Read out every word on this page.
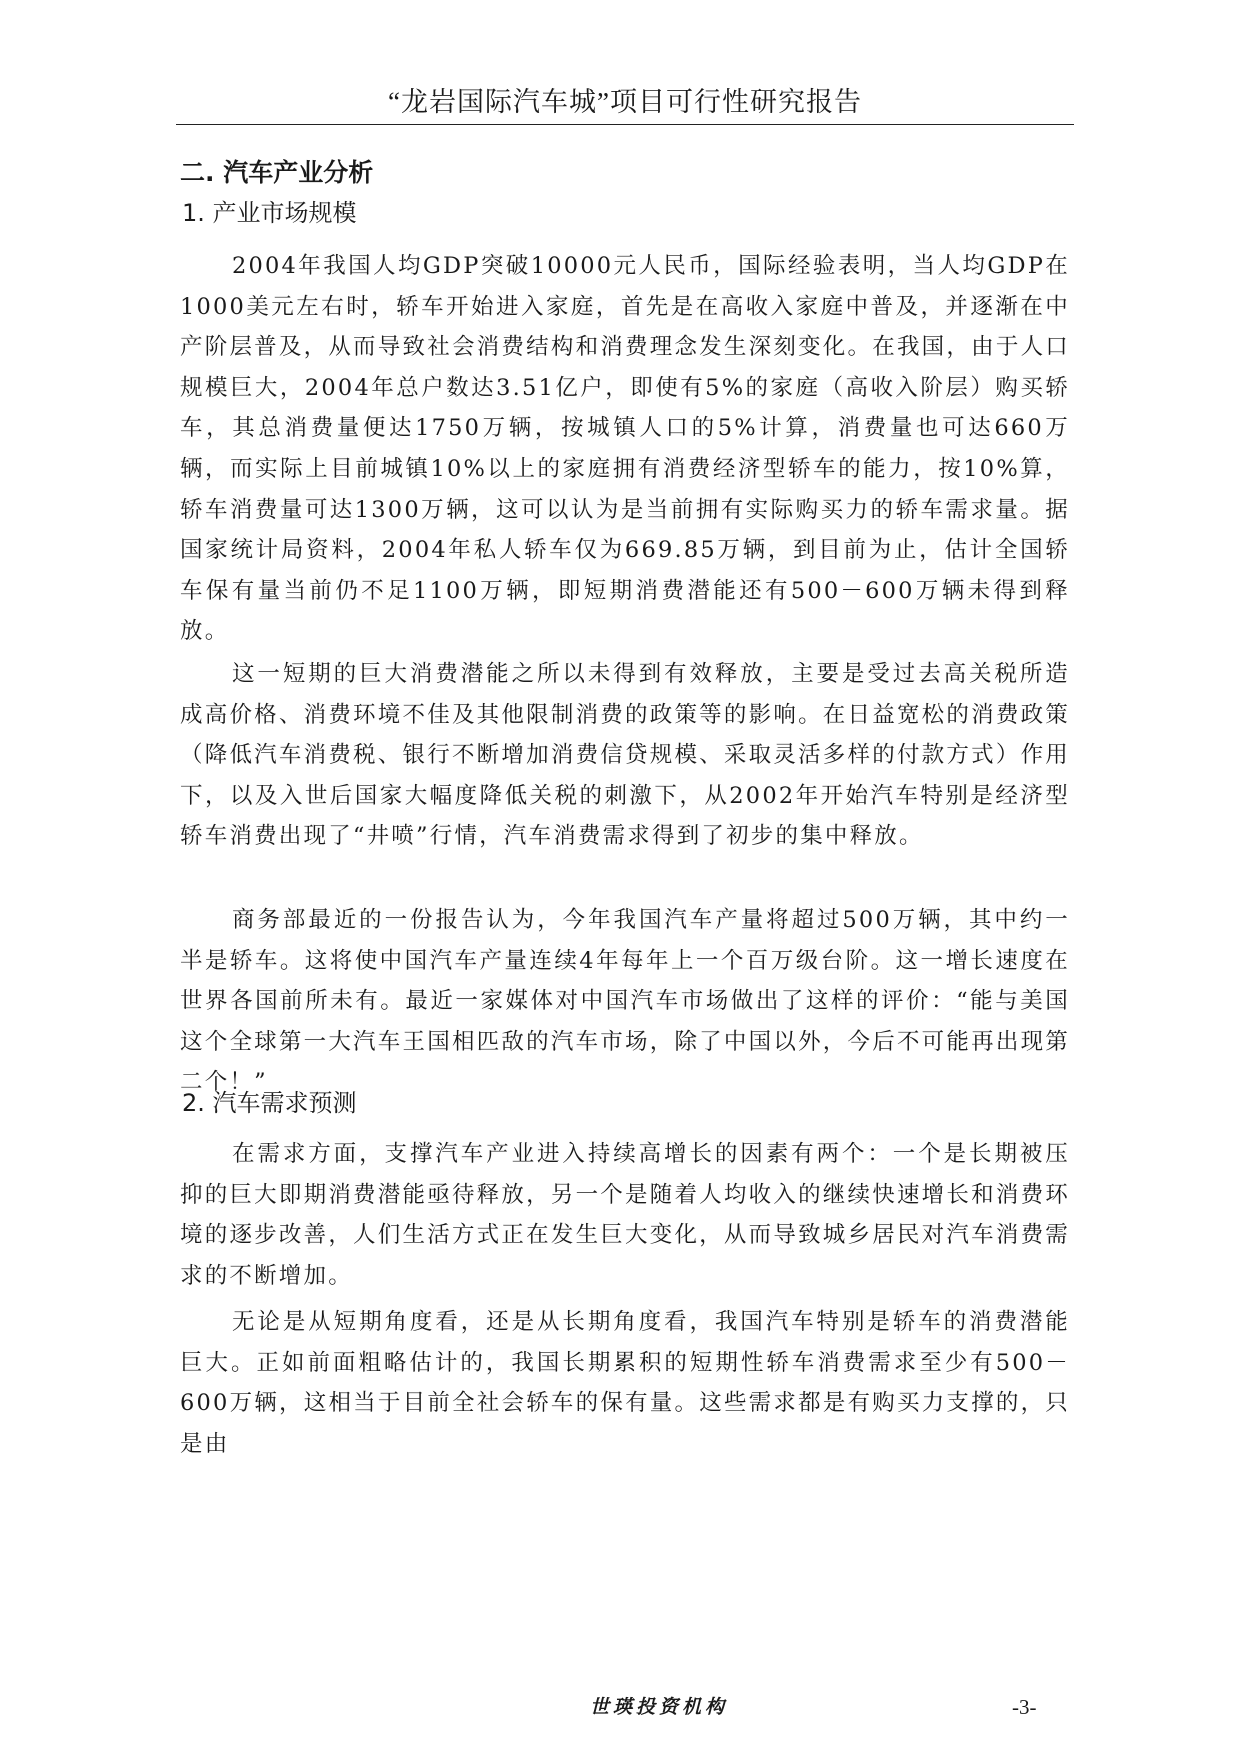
“龙岩国际汽车城”项目可行性研究报告
二. 汽车产业分析
1. 产业市场规模

2004年我国人均GDP突破10000元人民币，国际经验表明，当人均GDP在1000美元左右时，轿车开始进入家庭，首先是在高收入家庭中普及，并逐渐在中产阶层普及，从而导致社会消费结构和消费理念发生深刻变化。在我国，由于人口规模巨大，2004年总户数达3.51亿户，即使有5%的家庭（高收入阶层）购买轿车，其总消费量便达1750万辆，按城镇人口的5%计算，消费量也可达660万辆，而实际上目前城镇10%以上的家庭拥有消费经济型轿车的能力，按10%算，轿车消费量可达1300万辆，这可以认为是当前拥有实际购买力的轿车需求量。据国家统计局资料，2004年私人轿车仅为669.85万辆，到目前为止，估计全国轿车保有量当前仍不足1100万辆，即短期消费潜能还有500－600万辆未得到释放。

这一短期的巨大消费潜能之所以未得到有效释放，主要是受过去高关税所造成高价格、消费环境不佳及其他限制消费的政策等的影响。在日益宽松的消费政策（降低汽车消费税、银行不断增加消费信贷规模、采取灵活多样的付款方式）作用下，以及入世后国家大幅度降低关税的刺激下，从2002年开始汽车特别是经济型轿车消费出现了“井喷”行情，汽车消费需求得到了初步的集中释放。

商务部最近的一份报告认为，今年我国汽车产量将超过500万辆，其中约一半是轿车。这将使中国汽车产量连续4年每年上一个百万级台阶。这一增长速度在世界各国前所未有。最近一家媒体对中国汽车市场做出了这样的评价：“能与美国这个全球第一大汽车王国相匹敌的汽车市场，除了中国以外，今后不可能再出现第二个！”

2. 汽车需求预测

在需求方面，支撑汽车产业进入持续高增长的因素有两个：一个是长期被压抑的巨大即期消费潜能亟待释放，另一个是随着人均收入的继续快速增长和消费环境的逐步改善，人们生活方式正在发生巨大变化，从而导致城乡居民对汽车消费需求的不断增加。

无论是从短期角度看，还是从长期角度看，我国汽车特别是轿车的消费潜能巨大。正如前面粗略估计的，我国长期累积的短期性轿车消费需求至少有500－600万辆，这相当于目前全社会轿车的保有量。这些需求都是有购买力支撑的，只是由

世瑛投资机构	-3-
